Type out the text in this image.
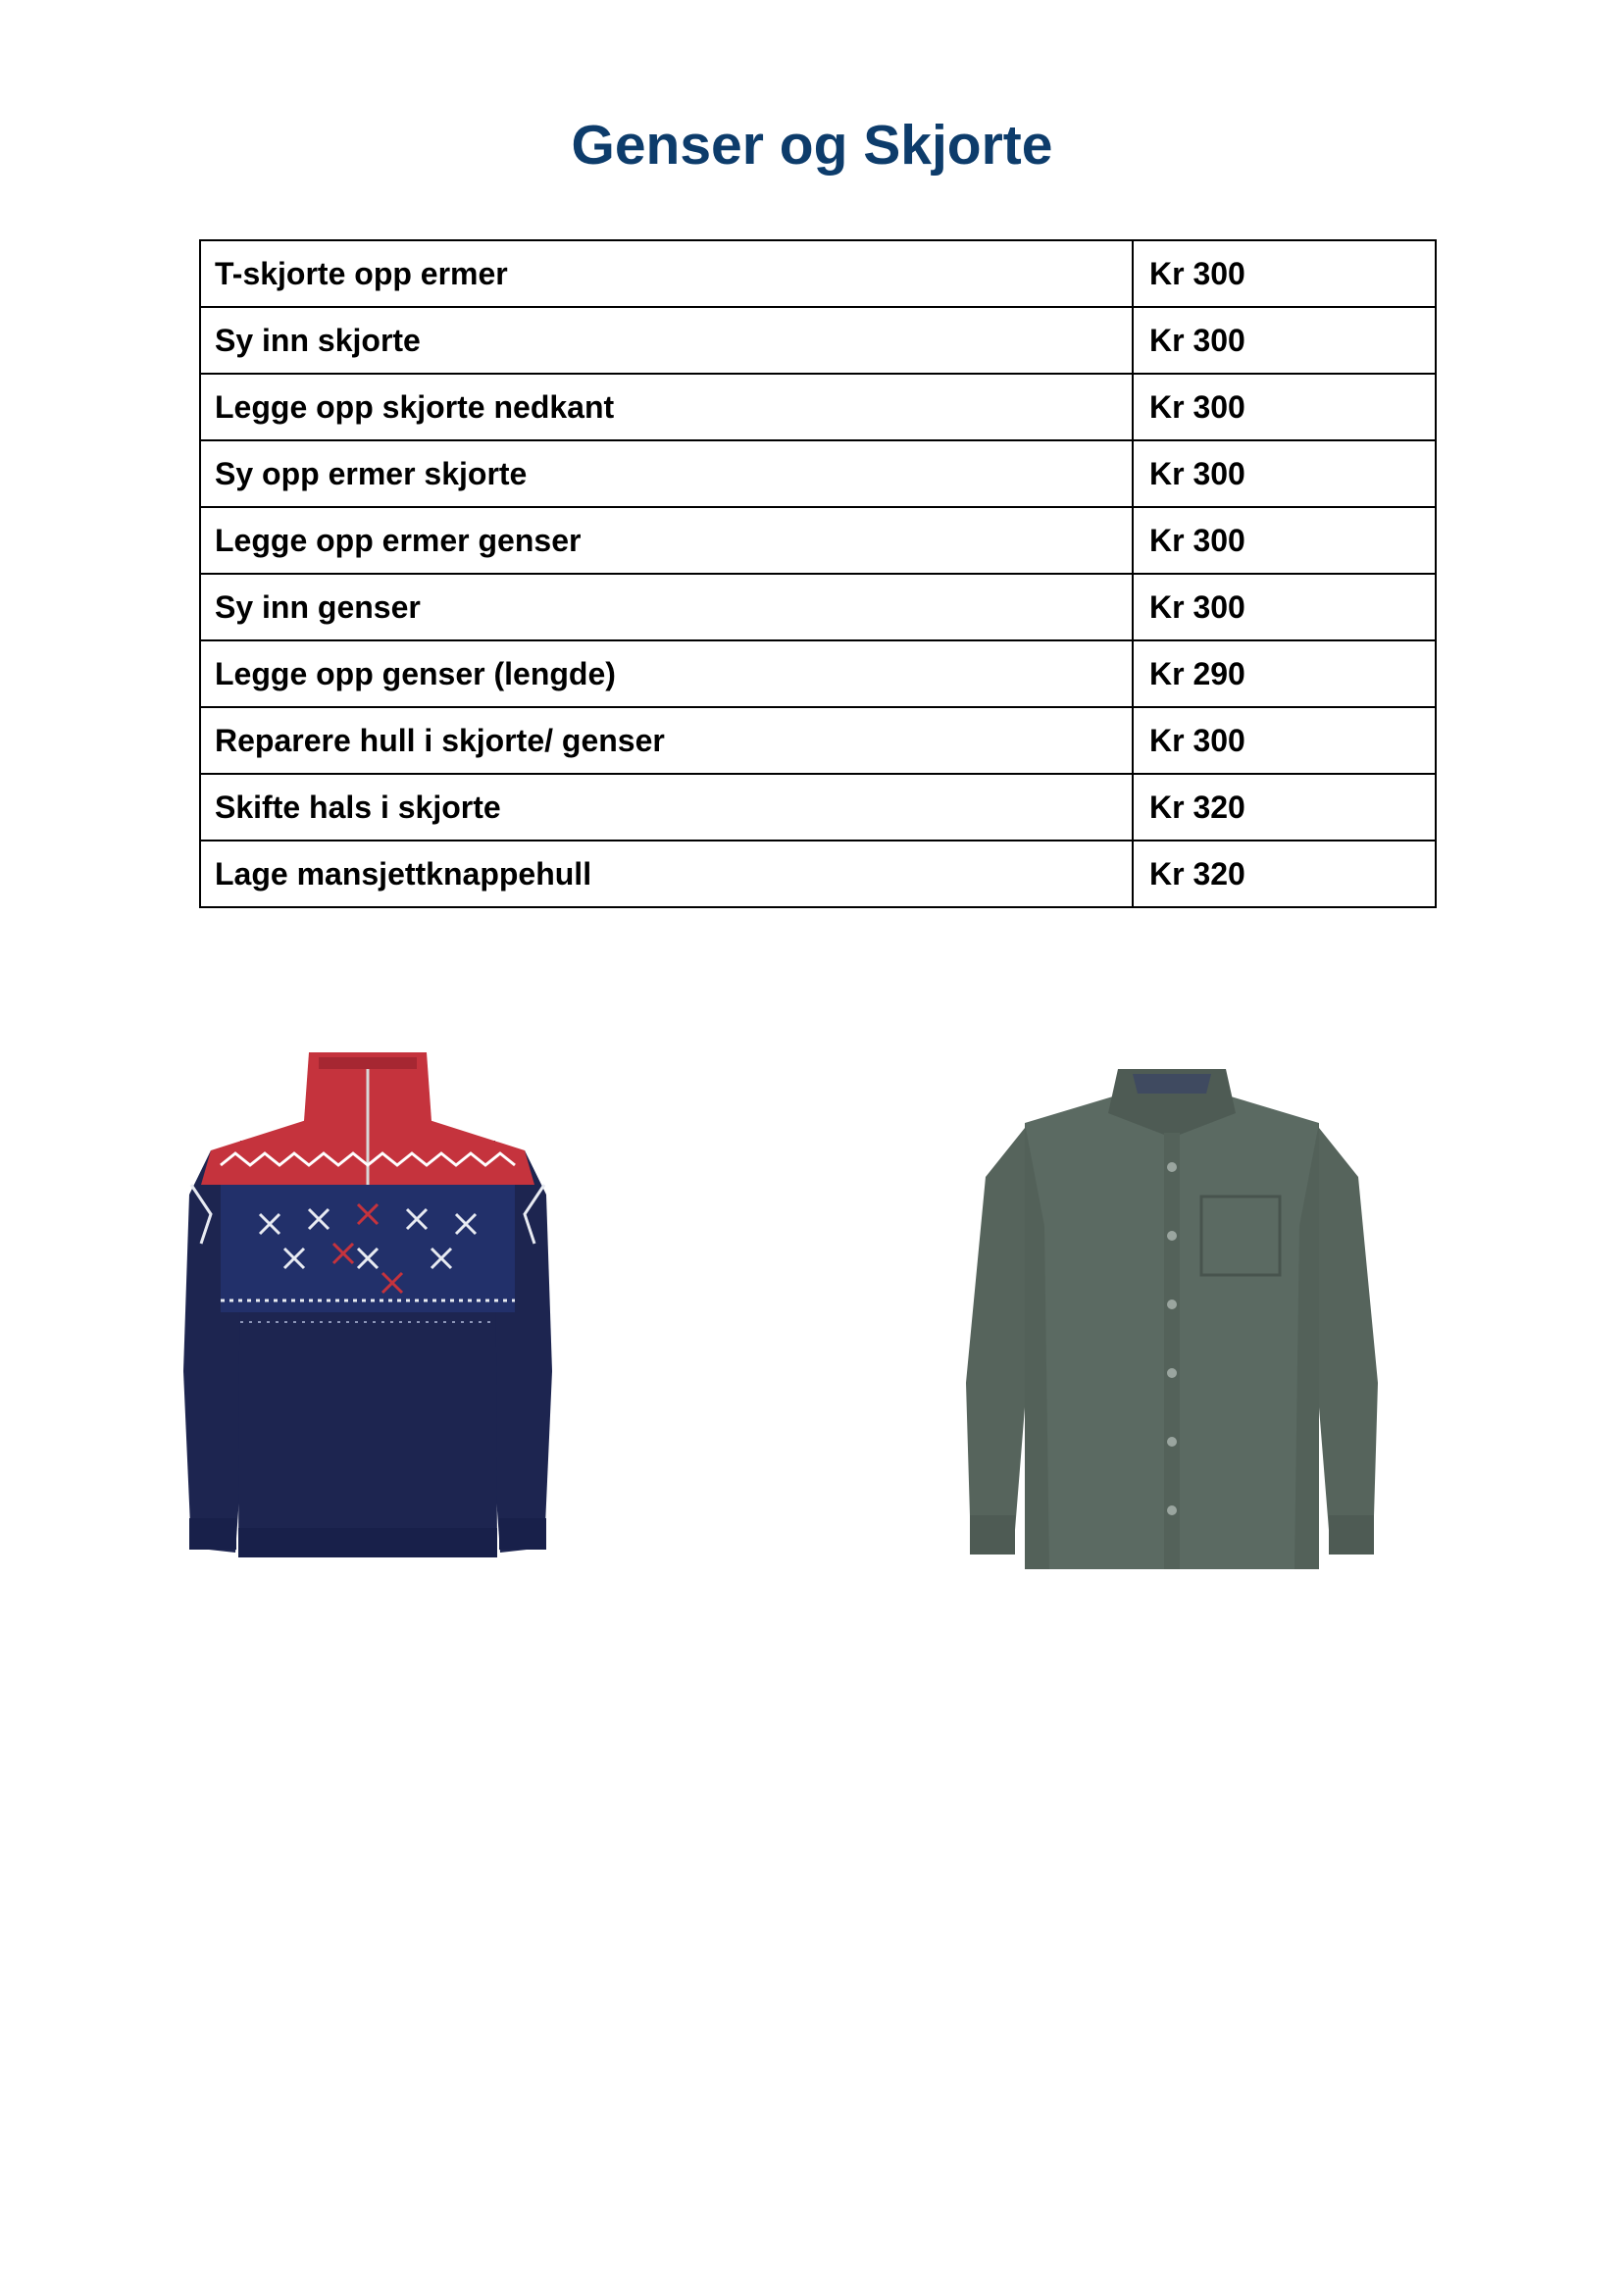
Genser og Skjorte
T-skjorte opp ermer	Kr 300
Sy inn skjorte	Kr 300
Legge opp skjorte nedkant	Kr 300
Sy opp ermer skjorte	Kr 300
Legge opp ermer genser	Kr 300
Sy inn genser	Kr 300
Legge opp genser (lengde)	Kr 290
Reparere hull i skjorte/ genser	Kr 300
Skifte hals i skjorte	Kr 320
Lage mansjettknappehull	Kr 320
